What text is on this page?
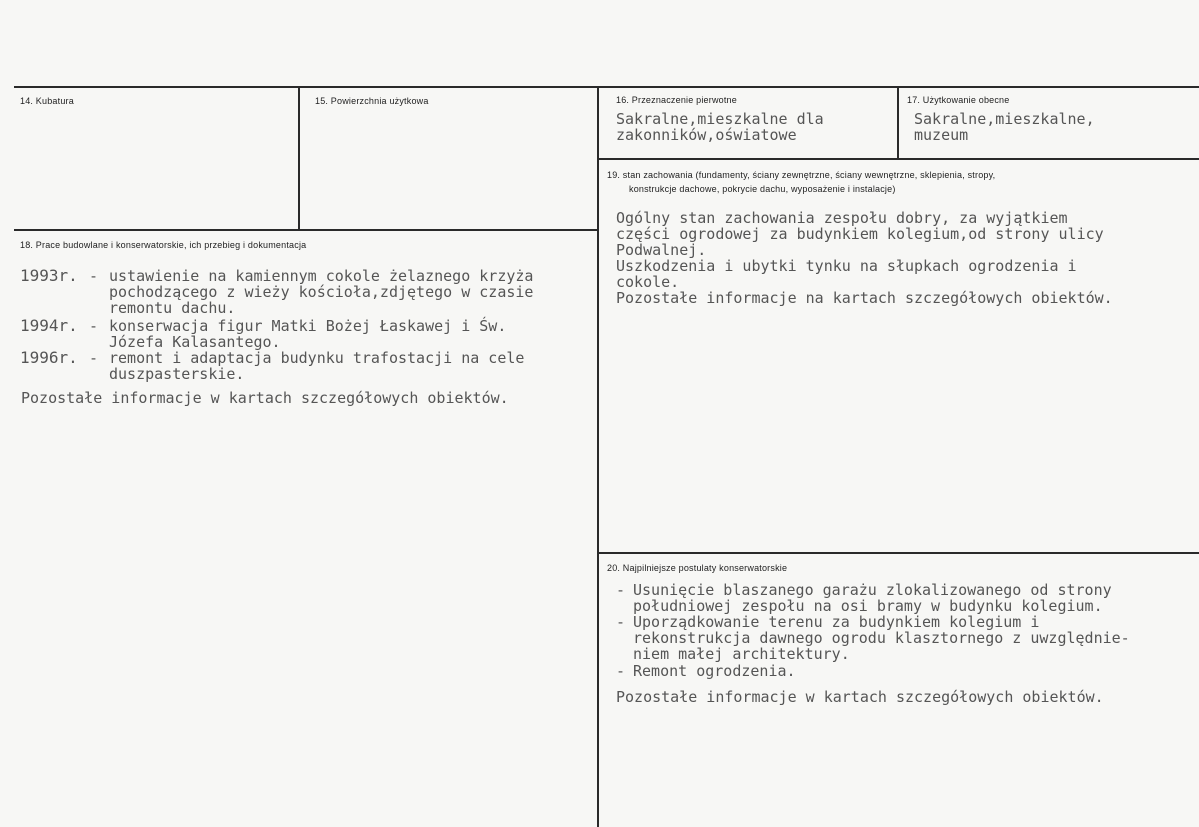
14. Kubatura	15. Powierzchnia użytkowa	16. Przeznaczenie pierwotne

Sakralne,mieszkalne dla
zakonników,oświatowe

17. Użytkowanie obecne

Sakralne,mieszkalne,
muzeum

18. Prace budowlane i konserwatorskie, ich przebieg i dokumentacja

1993r. - ustawienie na kamiennym cokole żelaznego krzyża
pochodzącego z wieży kościoła,zdjętego w czasie
remontu dachu.
1994r. - konserwacja figur Matki Bożej Łaskawej i Św.
Józefa Kalasantego.
1996r. - remont i adaptacja budynku trafostacji na cele
duszpasterskie.

Pozostałe informacje w kartach szczegółowych obiektów.

19. stan zachowania (fundamenty, ściany zewnętrzne, ściany wewnętrzne, sklepienia, stropy,

konstrukcje dachowe, pokrycie dachu, wyposażenie i instalacje)

Ogólny stan zachowania zespołu dobry, za wyjątkiem
części ogrodowej za budynkiem kolegium,od strony ulicy
Podwalnej.
Uszkodzenia i ubytki tynku na słupkach ogrodzenia i
cokole.
Pozostałe informacje na kartach szczegółowych obiektów.

20. Najpilniejsze postulaty konserwatorskie

- Usunięcie blaszanego garażu zlokalizowanego od strony
południowej zespołu na osi bramy w budynku kolegium.
- Uporządkowanie terenu za budynkiem kolegium i
rekonstrukcja dawnego ogrodu klasztornego z uwzględnie-
niem małej architektury.
- Remont ogrodzenia.

Pozostałe informacje w kartach szczegółowych obiektów.
